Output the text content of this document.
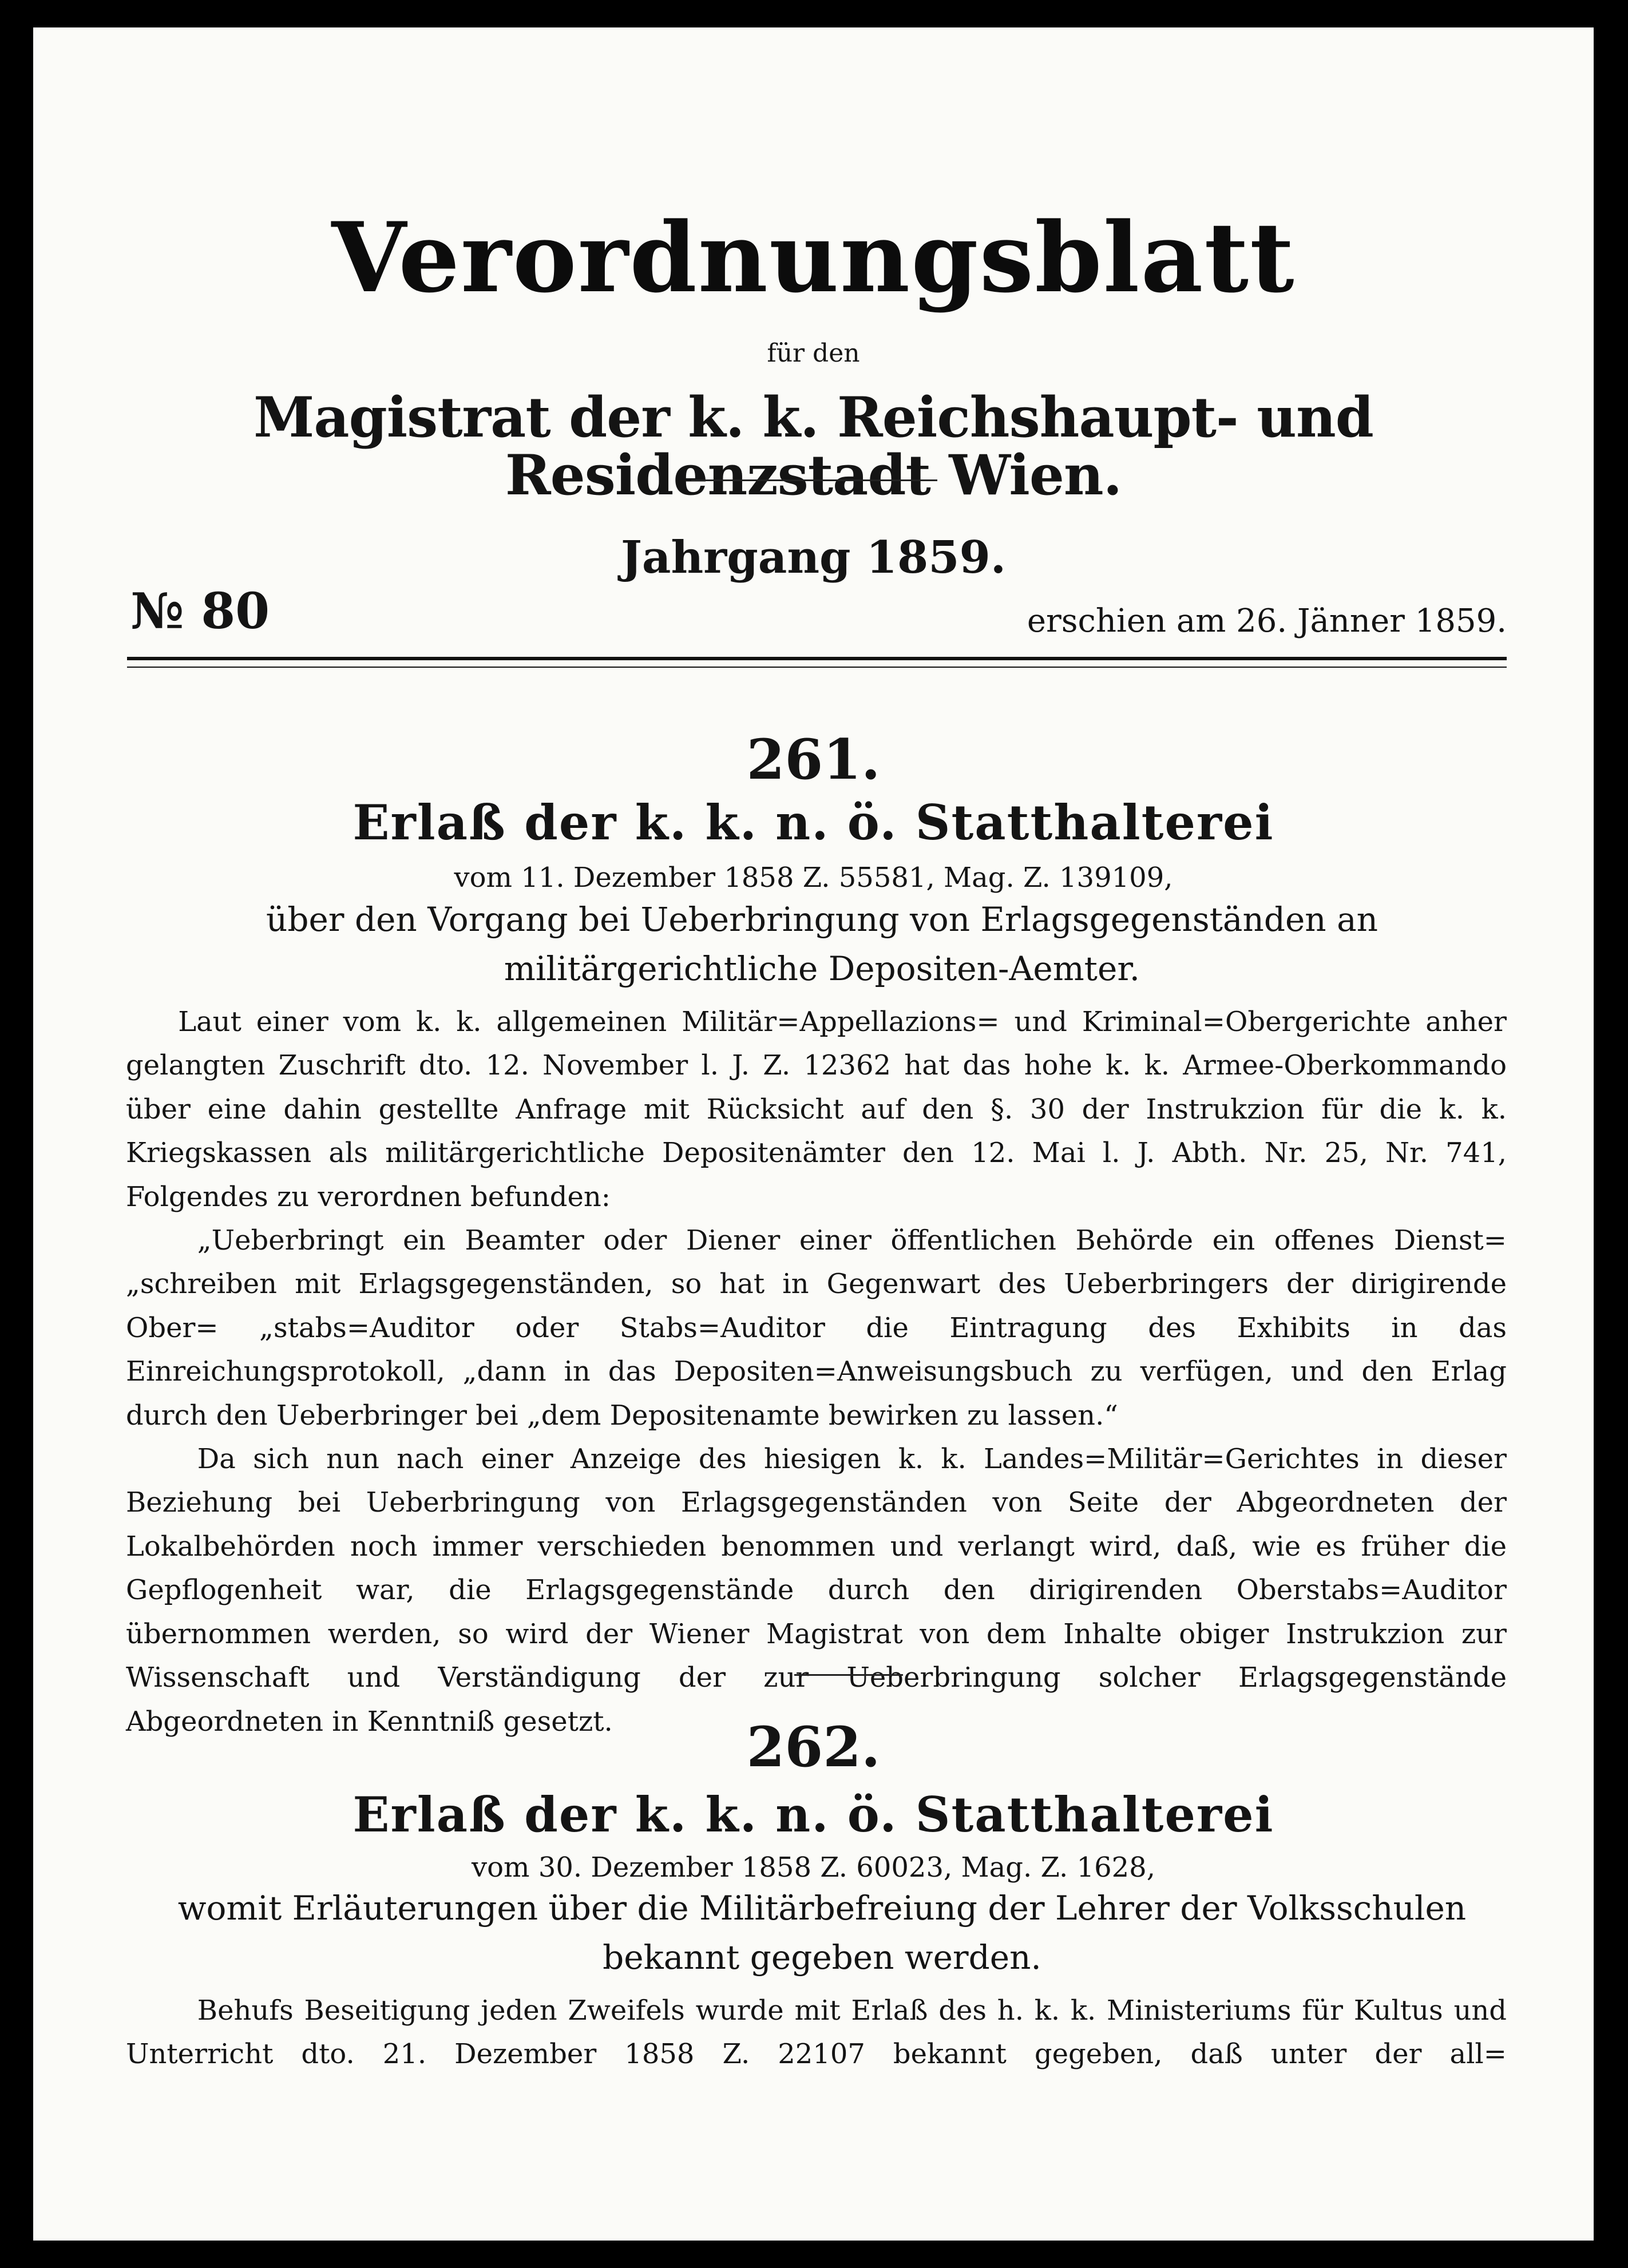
Verordnungsblatt
für den
Magistrat der k. k. Reichshaupt- und Residenzstadt Wien.
Jahrgang 1859.
№ 80	erschien am 26. Jänner 1859.
261.
Erlaß der k. k. n. ö. Statthalterei
vom 11. Dezember 1858 Z. 55581, Mag. Z. 139109,
über den Vorgang bei Ueberbringung von Erlagsgegenständen an militärgerichtliche Depositen-Aemter.

Laut einer vom k. k. allgemeinen Militär=Appellazions= und Kriminal=Obergerichte anher gelangten Zuschrift dto. 12. November l. J. Z. 12362 hat das hohe k. k. Armee-Oberkommando über eine dahin gestellte Anfrage mit Rücksicht auf den §. 30 der Instrukzion für die k. k. Kriegskassen als militärgerichtliche Depositenämter den 12. Mai l. J. Abth. Nr. 25, Nr. 741, Folgendes zu verordnen befunden:

„Ueberbringt ein Beamter oder Diener einer öffentlichen Behörde ein offenes Dienst= „schreiben mit Erlagsgegenständen, so hat in Gegenwart des Ueberbringers der dirigirende Ober= „stabs=Auditor oder Stabs=Auditor die Eintragung des Exhibits in das Einreichungsprotokoll, „dann in das Depositen=Anweisungsbuch zu verfügen, und den Erlag durch den Ueberbringer bei „dem Depositenamte bewirken zu lassen.“

Da sich nun nach einer Anzeige des hiesigen k. k. Landes=Militär=Gerichtes in dieser Beziehung bei Ueberbringung von Erlagsgegenständen von Seite der Abgeordneten der Lokalbehörden noch immer verschieden benommen und verlangt wird, daß, wie es früher die Gepflogenheit war, die Erlagsgegenstände durch den dirigirenden Oberstabs=Auditor übernommen werden, so wird der Wiener Magistrat von dem Inhalte obiger Instrukzion zur Wissenschaft und Verständigung der zur Ueberbringung solcher Erlagsgegenstände Abgeordneten in Kenntniß gesetzt.	262.
Erlaß der k. k. n. ö. Statthalterei
vom 30. Dezember 1858 Z. 60023, Mag. Z. 1628,
womit Erläuterungen über die Militärbefreiung der Lehrer der Volksschulen bekannt gegeben werden.

Behufs Beseitigung jeden Zweifels wurde mit Erlaß des h. k. k. Ministeriums für Kultus und Unterricht dto. 21. Dezember 1858 Z. 22107 bekannt gegeben, daß unter der all=
